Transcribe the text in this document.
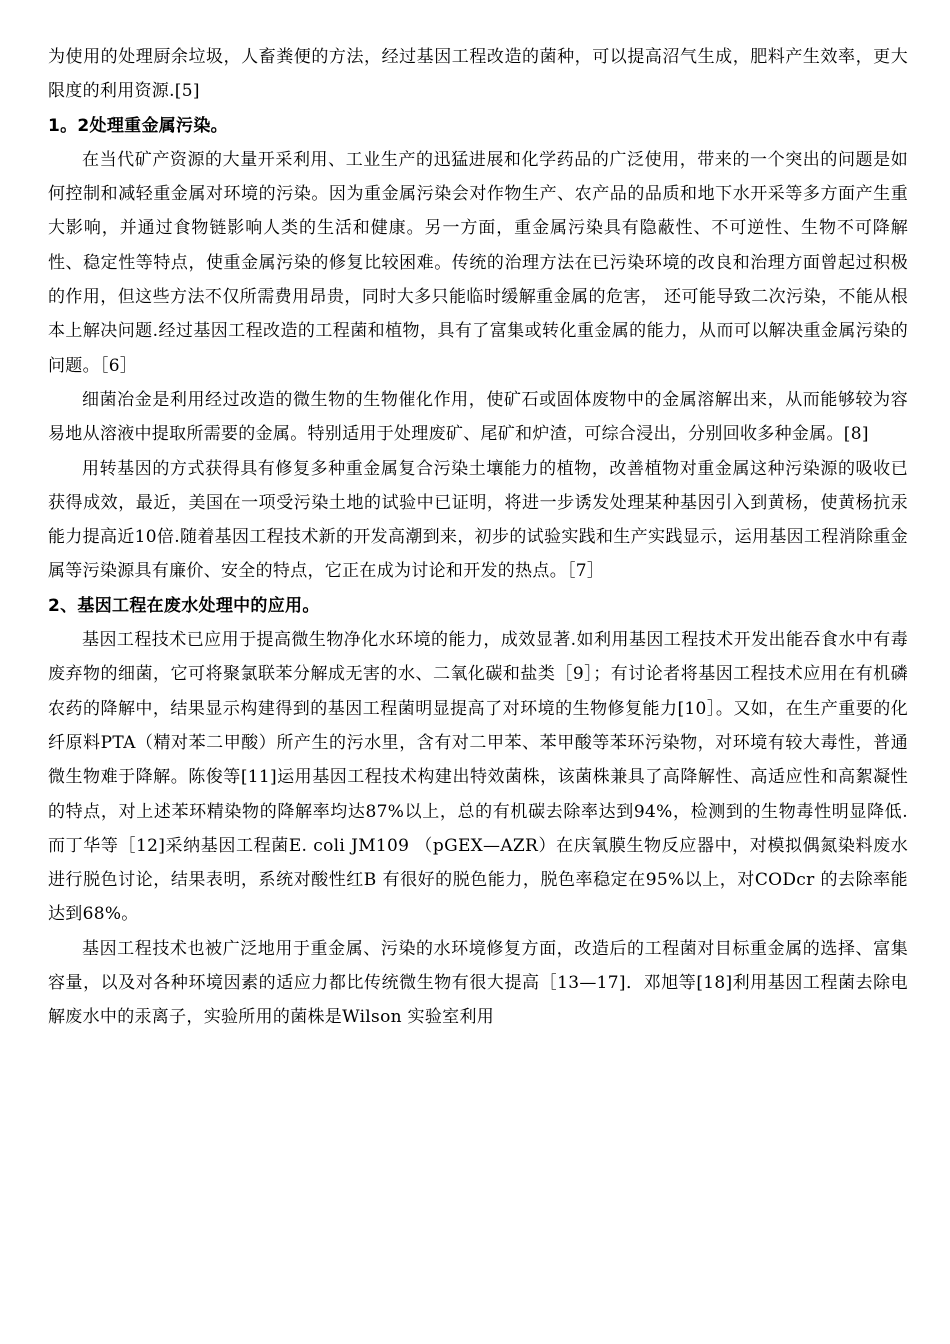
为使用的处理厨余垃圾，人畜粪便的方法，经过基因工程改造的菌种，可以提高沼气生成，肥料产生效率，更大限度的利用资源.[5]

1。2处理重金属污染。

在当代矿产资源的大量开采利用、工业生产的迅猛进展和化学药品的广泛使用，带来的一个突出的问题是如何控制和减轻重金属对环境的污染。因为重金属污染会对作物生产、农产品的品质和地下水开采等多方面产生重大影响，并通过食物链影响人类的生活和健康。另一方面，重金属污染具有隐蔽性、不可逆性、生物不可降解性、稳定性等特点，使重金属污染的修复比较困难。传统的治理方法在已污染环境的改良和治理方面曾起过积极的作用，但这些方法不仅所需费用昂贵，同时大多只能临时缓解重金属的危害， 还可能导致二次污染，不能从根本上解决问题.经过基因工程改造的工程菌和植物，具有了富集或转化重金属的能力，从而可以解决重金属污染的问题。［6］

细菌冶金是利用经过改造的微生物的生物催化作用，使矿石或固体废物中的金属溶解出来，从而能够较为容易地从溶液中提取所需要的金属。特别适用于处理废矿、尾矿和炉渣，可综合浸出，分别回收多种金属。[8]

用转基因的方式获得具有修复多种重金属复合污染土壤能力的植物，改善植物对重金属这种污染源的吸收已获得成效，最近，美国在一项受污染土地的试验中已证明，将进一步诱发处理某种基因引入到黄杨，使黄杨抗汞能力提高近10倍.随着基因工程技术新的开发高潮到来，初步的试验实践和生产实践显示，运用基因工程消除重金属等污染源具有廉价、安全的特点，它正在成为讨论和开发的热点。［7］

2、基因工程在废水处理中的应用。

基因工程技术已应用于提高微生物净化水环境的能力，成效显著.如利用基因工程技术开发出能吞食水中有毒废弃物的细菌，它可将聚氯联苯分解成无害的水、二氧化碳和盐类［9］；有讨论者将基因工程技术应用在有机磷农药的降解中，结果显示构建得到的基因工程菌明显提高了对环境的生物修复能力[10］。又如，在生产重要的化纤原料PTA（精对苯二甲酸）所产生的污水里，含有对二甲苯、苯甲酸等苯环污染物，对环境有较大毒性，普通微生物难于降解。陈俊等[11]运用基因工程技术构建出特效菌株，该菌株兼具了高降解性、高适应性和高絮凝性的特点，对上述苯环精染物的降解率均达87%以上，总的有机碳去除率达到94%，检测到的生物毒性明显降低.而丁华等［12]采纳基因工程菌E. coli JM109 （pGEX—AZR）在庆氧膜生物反应器中，对模拟偶氮染料废水进行脱色讨论，结果表明，系统对酸性红B 有很好的脱色能力，脱色率稳定在95%以上，对CODcr 的去除率能达到68%。

基因工程技术也被广泛地用于重金属、污染的水环境修复方面，改造后的工程菌对目标重金属的选择、富集容量，以及对各种环境因素的适应力都比传统微生物有很大提高［13—17]．邓旭等[18]利用基因工程菌去除电解废水中的汞离子，实验所用的菌株是Wilson 实验室利用
